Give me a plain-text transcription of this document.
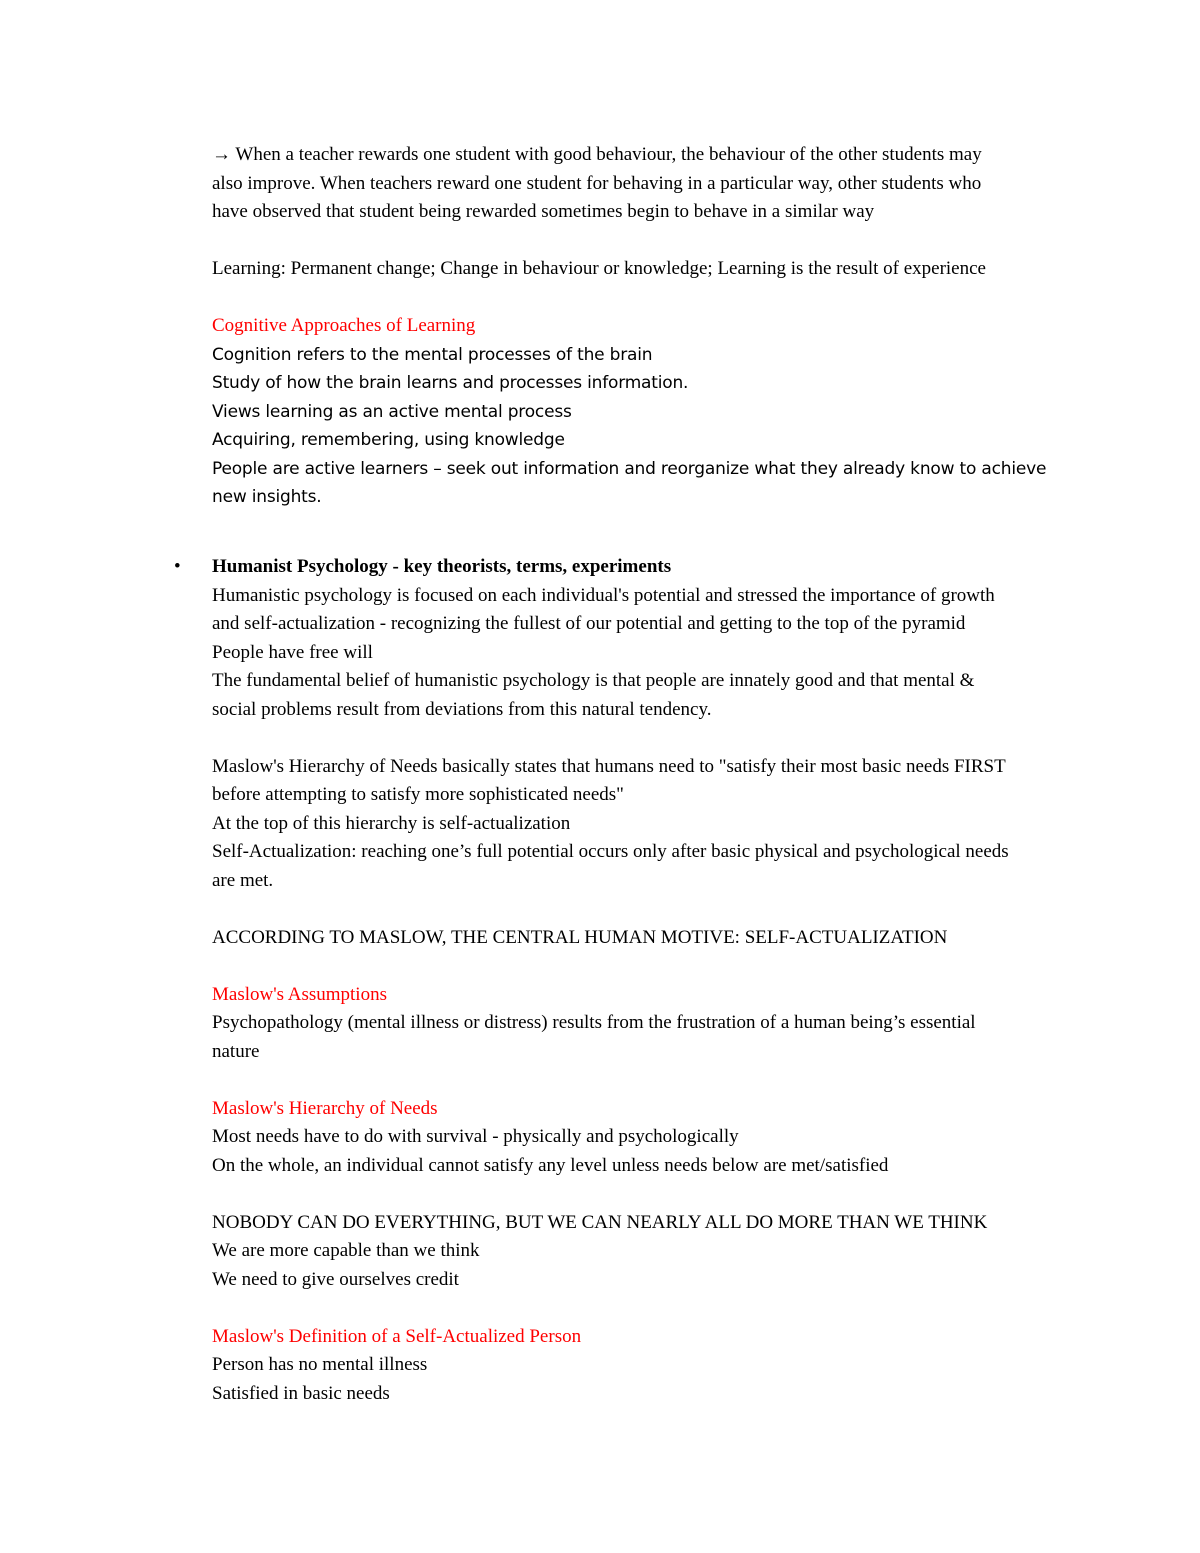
→ When a teacher rewards one student with good behaviour, the behaviour of the other students may
also improve. When teachers reward one student for behaving in a particular way, other students who
have observed that student being rewarded sometimes begin to behave in a similar way
Learning: Permanent change; Change in behaviour or knowledge; Learning is the result of experience
Cognitive Approaches of Learning
Cognition refers to the mental processes of the brain
Study of how the brain learns and processes information.
Views learning as an active mental process
Acquiring, remembering, using knowledge
People are active learners – seek out information and reorganize what they already know to achieve
new insights.
• Humanist Psychology - key theorists, terms, experiments
Humanistic psychology is focused on each individual's potential and stressed the importance of growth
and self-actualization - recognizing the fullest of our potential and getting to the top of the pyramid
People have free will
The fundamental belief of humanistic psychology is that people are innately good and that mental &
social problems result from deviations from this natural tendency.
Maslow's Hierarchy of Needs basically states that humans need to "satisfy their most basic needs FIRST
before attempting to satisfy more sophisticated needs"
At the top of this hierarchy is self-actualization
Self-Actualization: reaching one’s full potential occurs only after basic physical and psychological needs
are met.
ACCORDING TO MASLOW, THE CENTRAL HUMAN MOTIVE: SELF-ACTUALIZATION
Maslow's Assumptions
Psychopathology (mental illness or distress) results from the frustration of a human being’s essential
nature
Maslow's Hierarchy of Needs
Most needs have to do with survival - physically and psychologically
On the whole, an individual cannot satisfy any level unless needs below are met/satisfied
NOBODY CAN DO EVERYTHING, BUT WE CAN NEARLY ALL DO MORE THAN WE THINK
We are more capable than we think
We need to give ourselves credit
Maslow's Definition of a Self-Actualized Person
Person has no mental illness
Satisfied in basic needs
